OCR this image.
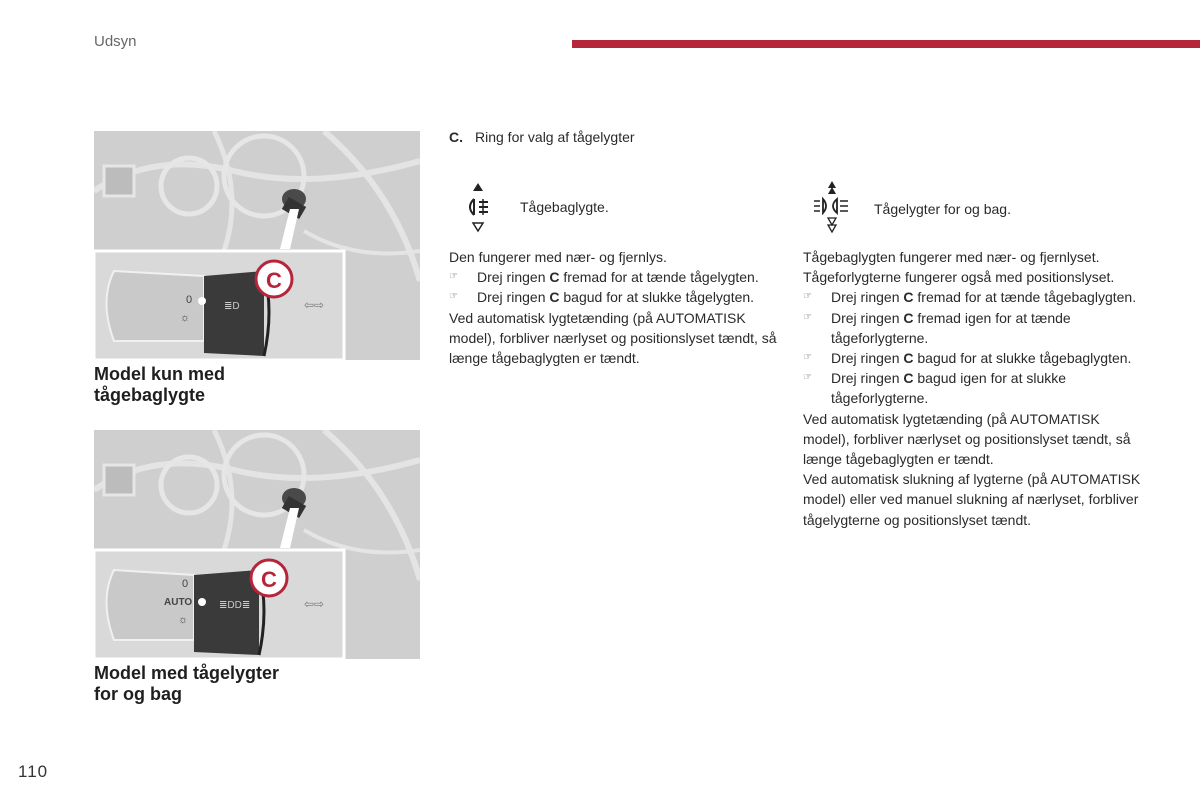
Udsyn
0
☼
≣D	⇦⇨
C
Model kun med
tågebaglygte
0
AUTO
☼
≣DD≣	⇦⇨
C
Model med tågelygter
for og bag
C. Ring for valg af tågelygter
Tågebaglygte.	Tågelygter for og bag.

Den fungerer med nær- og fjernlys.

☞ Drej ringen C fremad for at tænde tågelygten.
☞ Drej ringen C bagud for at slukke tågelygten.

Ved automatisk lygtetænding (på AUTOMATISK model), forbliver nærlyset og positionslyset tændt, så længe tågebaglygten er tændt.

Tågebaglygten fungerer med nær- og fjernlyset. Tågeforlygterne fungerer også med positionslyset.

☞ Drej ringen C fremad for at tænde tågebaglygten.
☞ Drej ringen C fremad igen for at tænde tågeforlygterne.
☞ Drej ringen C bagud for at slukke tågebaglygten.
☞ Drej ringen C bagud igen for at slukke tågeforlygterne.

Ved automatisk lygtetænding (på AUTOMATISK model), forbliver nærlyset og positionslyset tændt, så længe tågebaglygten er tændt.

Ved automatisk slukning af lygterne (på AUTOMATISK model) eller ved manuel slukning af nærlyset, forbliver tågelygterne og positionslyset tændt.

110
